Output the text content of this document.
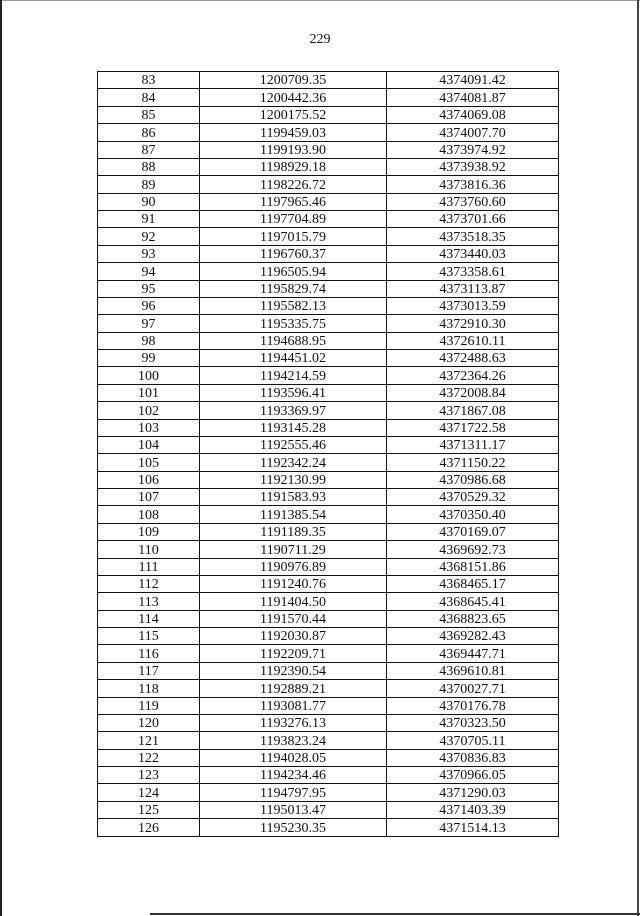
229
83	1200709.35	4374091.42
84	1200442.36	4374081.87
85	1200175.52	4374069.08
86	1199459.03	4374007.70
87	1199193.90	4373974.92
88	1198929.18	4373938.92
89	1198226.72	4373816.36
90	1197965.46	4373760.60
91	1197704.89	4373701.66
92	1197015.79	4373518.35
93	1196760.37	4373440.03
94	1196505.94	4373358.61
95	1195829.74	4373113.87
96	1195582.13	4373013.59
97	1195335.75	4372910.30
98	1194688.95	4372610.11
99	1194451.02	4372488.63
100	1194214.59	4372364.26
101	1193596.41	4372008.84
102	1193369.97	4371867.08
103	1193145.28	4371722.58
104	1192555.46	4371311.17
105	1192342.24	4371150.22
106	1192130.99	4370986.68
107	1191583.93	4370529.32
108	1191385.54	4370350.40
109	1191189.35	4370169.07
110	1190711.29	4369692.73
111	1190976.89	4368151.86
112	1191240.76	4368465.17
113	1191404.50	4368645.41
114	1191570.44	4368823.65
115	1192030.87	4369282.43
116	1192209.71	4369447.71
117	1192390.54	4369610.81
118	1192889.21	4370027.71
119	1193081.77	4370176.78
120	1193276.13	4370323.50
121	1193823.24	4370705.11
122	1194028.05	4370836.83
123	1194234.46	4370966.05
124	1194797.95	4371290.03
125	1195013.47	4371403.39
126	1195230.35	4371514.13
